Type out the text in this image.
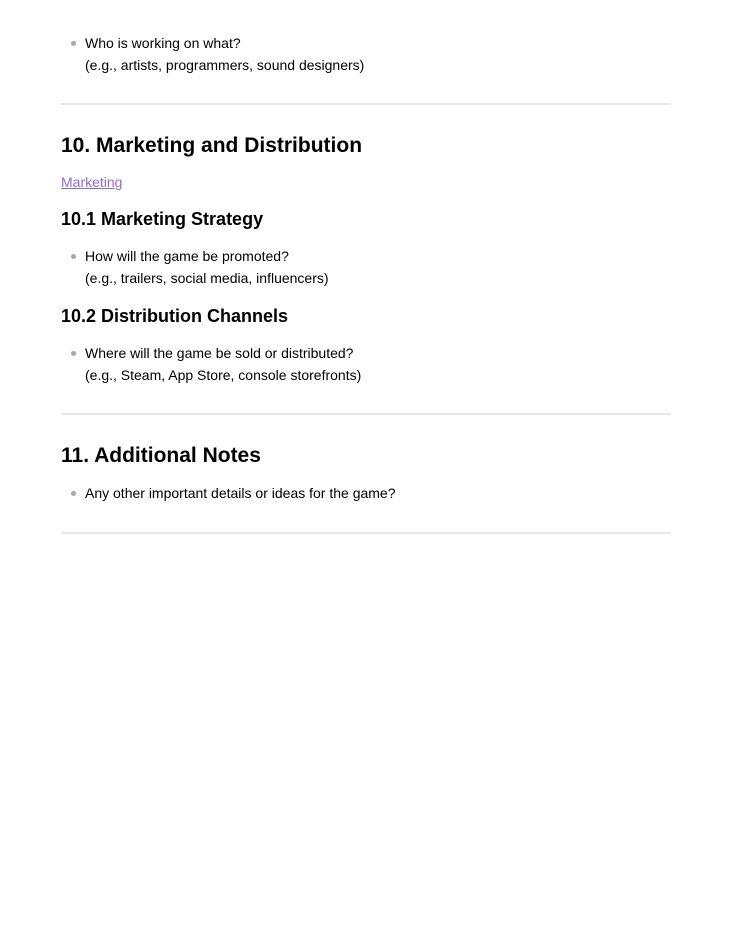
Who is working on what?
(e.g., artists, programmers, sound designers)
10. Marketing and Distribution
Marketing
10.1 Marketing Strategy
How will the game be promoted?
(e.g., trailers, social media, influencers)
10.2 Distribution Channels
Where will the game be sold or distributed?
(e.g., Steam, App Store, console storefronts)
11. Additional Notes
Any other important details or ideas for the game?
